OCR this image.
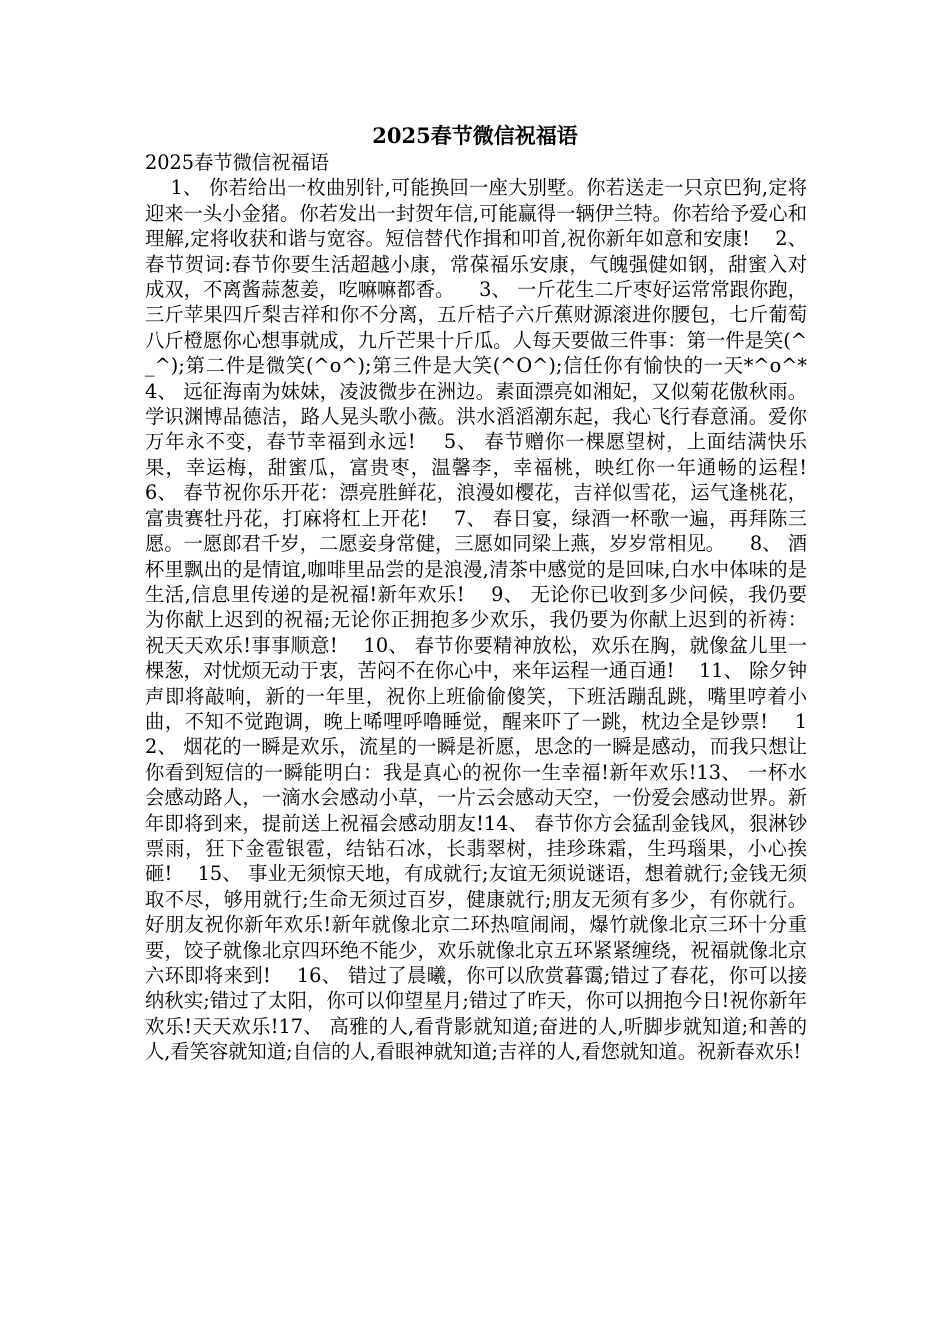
2025春节微信祝福语
2025春节微信祝福语
1、 你若给出一枚曲别针,可能换回一座大别墅。你若送走一只京巴狗,定将迎来一头小金猪。你若发出一封贺年信,可能赢得一辆伊兰特。你若给予爱心和理解,定将收获和谐与宽容。短信替代作揖和叩首,祝你新年如意和安康!    2、 春节贺词:春节你要生活超越小康，常葆福乐安康，气魄强健如钢，甜蜜入对成双，不离酱蒜葱姜，吃嘛嘛都香。    3、 一斤花生二斤枣好运常常跟你跑，三斤苹果四斤梨吉祥和你不分离，五斤桔子六斤蕉财源滚进你腰包，七斤葡萄八斤橙愿你心想事就成，九斤芒果十斤瓜。人每天要做三件事：第一件是笑(^_^);第二件是微笑(^o^);第三件是大笑(^O^);信任你有愉快的一天*^o^*    4、 远征海南为妹妹，凌波微步在洲边。素面漂亮如湘妃，又似菊花傲秋雨。学识渊博品德洁，路人晃头歌小薇。洪水滔滔潮东起，我心飞行春意涌。爱你万年永不变，春节幸福到永远!    5、 春节赠你一棵愿望树，上面结满快乐果，幸运梅，甜蜜瓜，富贵枣，温馨李，幸福桃，映红你一年通畅的运程!    6、 春节祝你乐开花：漂亮胜鲜花，浪漫如樱花，吉祥似雪花，运气逢桃花，富贵赛牡丹花，打麻将杠上开花!    7、 春日宴，绿酒一杯歌一遍，再拜陈三愿。一愿郎君千岁，二愿妾身常健，三愿如同梁上燕，岁岁常相见。    8、 酒杯里飘出的是情谊,咖啡里品尝的是浪漫,清茶中感觉的是回味,白水中体味的是生活,信息里传递的是祝福!新年欢乐!    9、 无论你已收到多少问候，我仍要为你献上迟到的祝福;无论你正拥抱多少欢乐，我仍要为你献上迟到的祈祷：祝天天欢乐!事事顺意!    10、 春节你要精神放松，欢乐在胸，就像盆儿里一棵葱，对忧烦无动于衷，苦闷不在你心中，来年运程一通百通!    11、 除夕钟声即将敲响，新的一年里，祝你上班偷偷傻笑，下班活蹦乱跳，嘴里哼着小曲，不知不觉跑调，晚上唏哩呼噜睡觉，醒来吓了一跳，枕边全是钞票!    12、 烟花的一瞬是欢乐，流星的一瞬是祈愿，思念的一瞬是感动，而我只想让你看到短信的一瞬能明白：我是真心的祝你一生幸福!新年欢乐!13、 一杯水会感动路人，一滴水会感动小草，一片云会感动天空，一份爱会感动世界。新年即将到来，提前送上祝福会感动朋友!14、 春节你方会猛刮金钱风，狠淋钞票雨，狂下金雹银雹，结钻石冰，长翡翠树，挂珍珠霜，生玛瑙果，小心挨砸!    15、 事业无须惊天地，有成就行;友谊无须说谜语，想着就行;金钱无须取不尽，够用就行;生命无须过百岁，健康就行;朋友无须有多少，有你就行。好朋友祝你新年欢乐!新年就像北京二环热喧闹闹，爆竹就像北京三环十分重要，饺子就像北京四环绝不能少，欢乐就像北京五环紧紧缠绕，祝福就像北京六环即将来到!    16、 错过了晨曦，你可以欣赏暮霭;错过了春花，你可以接纳秋实;错过了太阳，你可以仰望星月;错过了昨天，你可以拥抱今日!祝你新年欢乐!天天欢乐!17、 高雅的人,看背影就知道;奋进的人,听脚步就知道;和善的人,看笑容就知道;自信的人,看眼神就知道;吉祥的人,看您就知道。祝新春欢乐!
